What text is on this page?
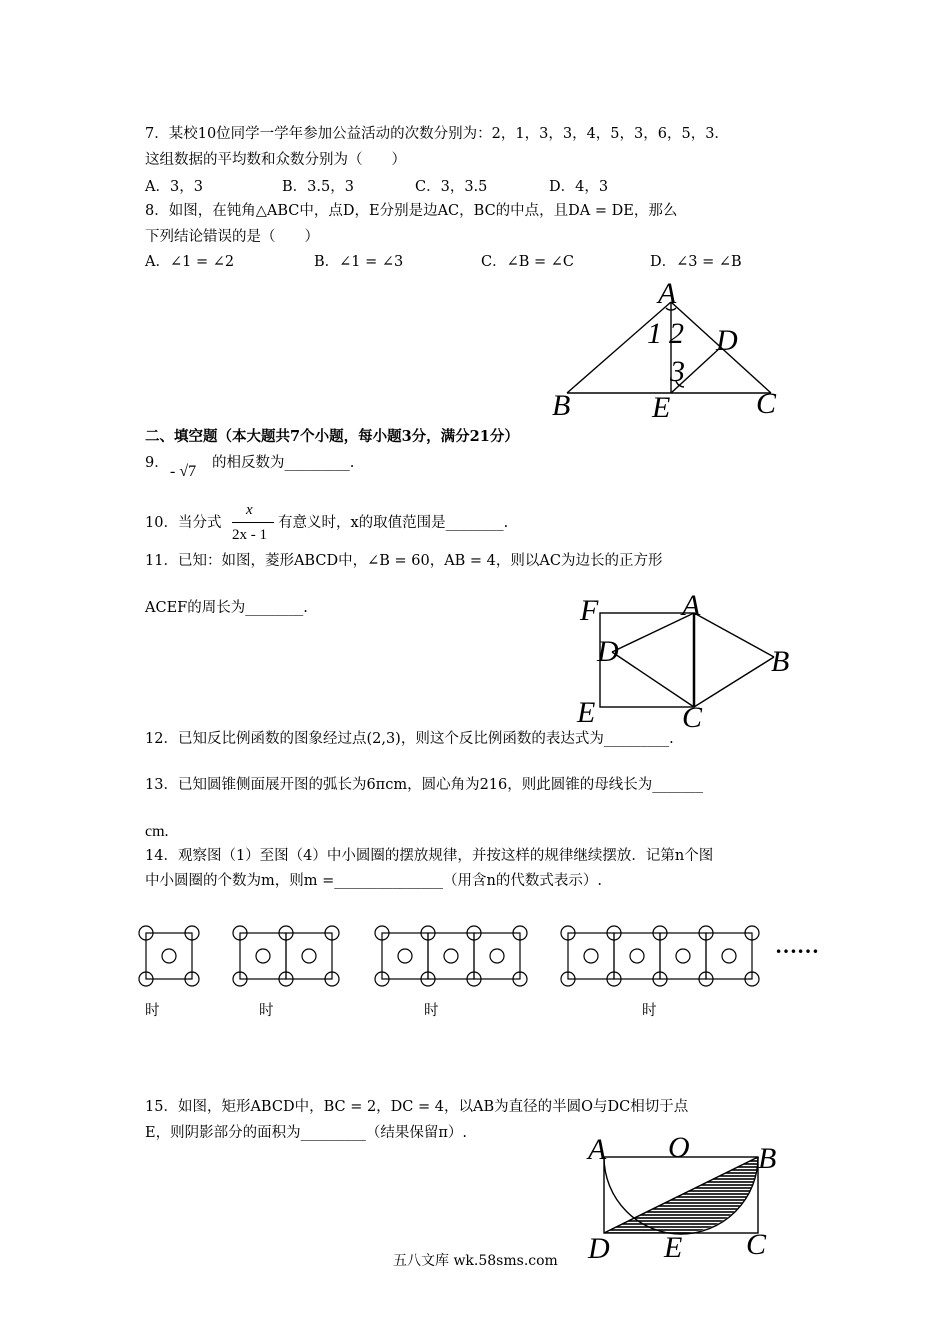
7．某校10位同学一学年参加公益活动的次数分别为：2，1，3，3，4，5，3，6，5，3．
这组数据的平均数和众数分别为（　　）
A．3，3	B．3.5，3	C．3，3.5	D．4，3
8．如图，在钝角△ABC中，点D，E分别是边AC，BC的中点，且DA = DE，那么
下列结论错误的是（　　）
A．∠1 = ∠2	B．∠1 = ∠3	C．∠B = ∠C	D．∠3 = ∠B
A
B	C
D
E
1 2
3
二、填空题（本大题共7个小题，每小题3分，满分21分）
9． - √7 的相反数为_________.
10．当分式
x
2x - 1
有意义时，x的取值范围是________.
11．已知：如图，菱形ABCD中，∠B = 60，AB = 4，则以AC为边长的正方形
ACEF的周长为________.	F	A
D	B
E	C
12．已知反比例函数的图象经过点(2,3)，则这个反比例函数的表达式为_________.
13．已知圆锥侧面展开图的弧长为6πcm，圆心角为216，则此圆锥的母线长为_______
cm.
14．观察图（1）至图（4）中小圆圈的摆放规律，并按这样的规律继续摆放．记第n个图
中小圆圈的个数为m，则m =_______________（用含n的代数式表示）.
……
时	时	时	时
15．如图，矩形ABCD中，BC = 2，DC = 4，以AB为直径的半圆O与DC相切于点
E，则阴影部分的面积为_________（结果保留π）.	A O B
D E C
五八文库 wk.58sms.com
